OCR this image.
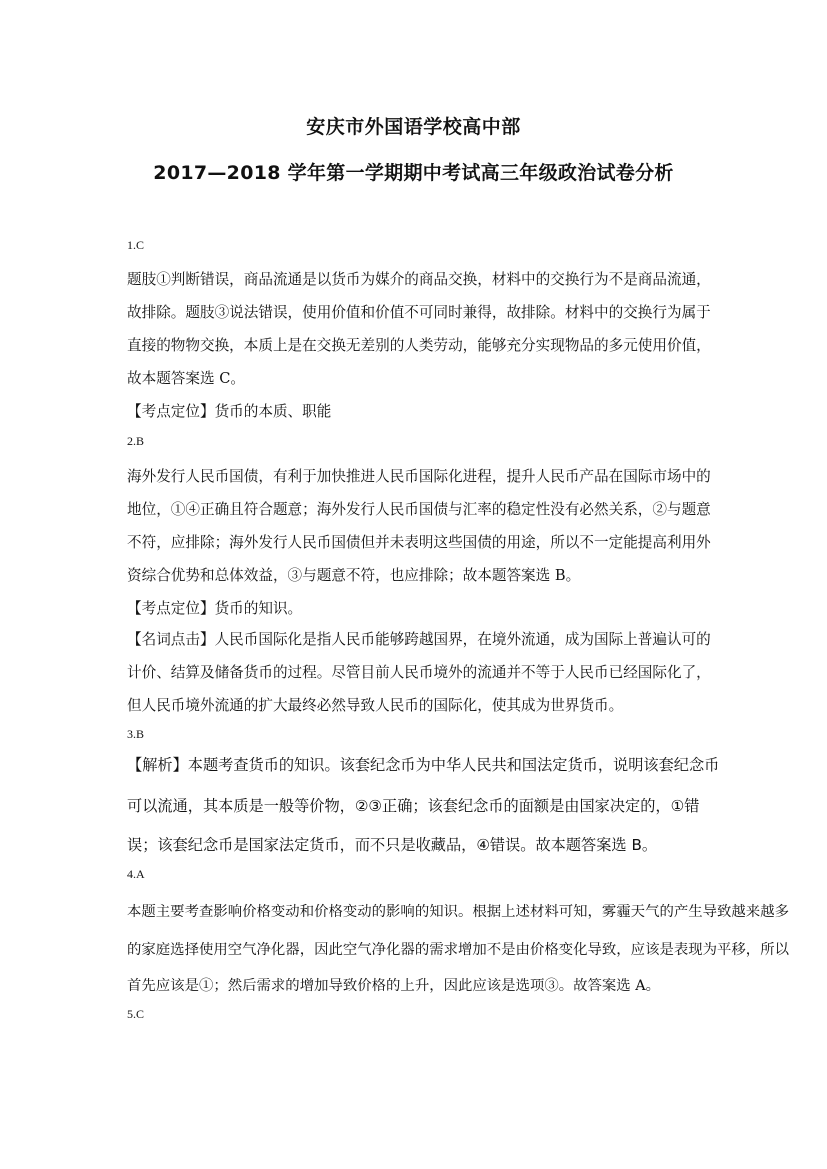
安庆市外国语学校高中部
2017—2018 学年第一学期期中考试高三年级政治试卷分析
1.C
题肢①判断错误，商品流通是以货币为媒介的商品交换，材料中的交换行为不是商品流通，
故排除。题肢③说法错误，使用价值和价值不可同时兼得，故排除。材料中的交换行为属于
直接的物物交换，本质上是在交换无差别的人类劳动，能够充分实现物品的多元使用价值，
故本题答案选 C。
【考点定位】货币的本质、职能
2.B
海外发行人民币国债，有利于加快推进人民币国际化进程，提升人民币产品在国际市场中的
地位，①④正确且符合题意；海外发行人民币国债与汇率的稳定性没有必然关系，②与题意
不符，应排除；海外发行人民币国债但并未表明这些国债的用途，所以不一定能提高利用外
资综合优势和总体效益，③与题意不符，也应排除；故本题答案选 B。
【考点定位】货币的知识。
【名词点击】人民币国际化是指人民币能够跨越国界，在境外流通，成为国际上普遍认可的
计价、结算及储备货币的过程。尽管目前人民币境外的流通并不等于人民币已经国际化了，
但人民币境外流通的扩大最终必然导致人民币的国际化，使其成为世界货币。
3.B
【解析】本题考查货币的知识。该套纪念币为中华人民共和国法定货币，说明该套纪念币
可以流通，其本质是一般等价物，②③正确；该套纪念币的面额是由国家决定的，①错
误；该套纪念币是国家法定货币，而不只是收藏品，④错误。故本题答案选 B。
4.A
本题主要考查影响价格变动和价格变动的影响的知识。根据上述材料可知，雾霾天气的产生导致越来越多
的家庭选择使用空气净化器，因此空气净化器的需求增加不是由价格变化导致，应该是表现为平移，所以
首先应该是①；然后需求的增加导致价格的上升，因此应该是选项③。故答案选 A。
5.C
